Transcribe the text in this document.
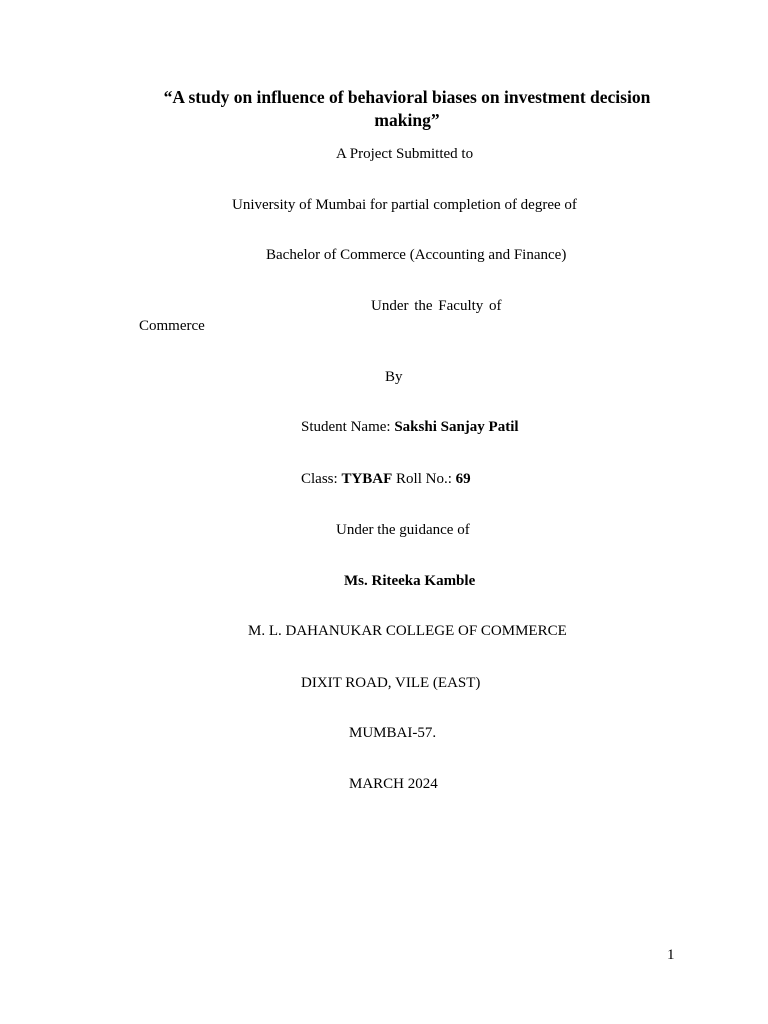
“A study on influence of behavioral biases on investment decision making”
A Project Submitted to
University of Mumbai for partial completion of degree of
Bachelor of Commerce (Accounting and Finance)
Under the Faculty of
Commerce
By
Student Name: Sakshi Sanjay Patil
Class: TYBAF Roll No.: 69
Under the guidance of
Ms. Riteeka Kamble
M. L. DAHANUKAR COLLEGE OF COMMERCE
DIXIT ROAD, VILE (EAST)
MUMBAI-57.
MARCH 2024
1
